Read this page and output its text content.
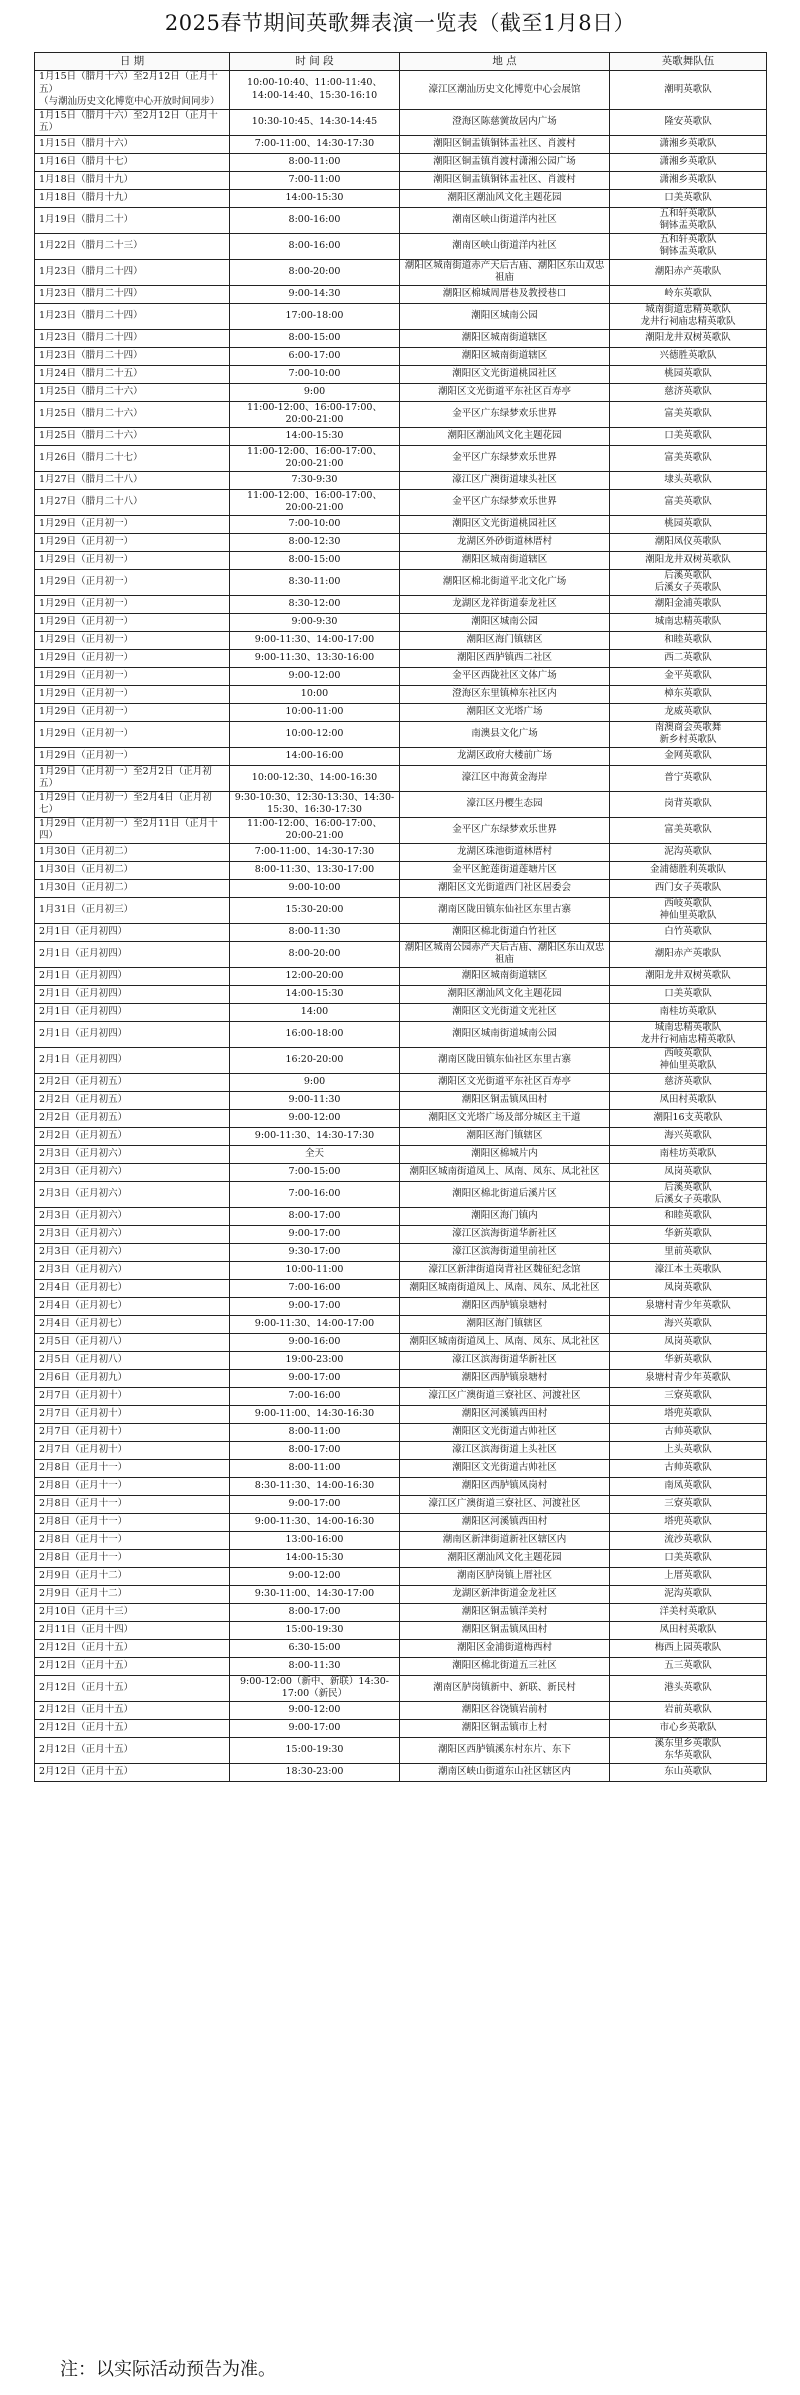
2025春节期间英歌舞表演一览表（截至1月8日）
日 期	时 间 段	地 点	英歌舞队伍
1月15日（腊月十六）至2月12日（正月十五）
（与潮汕历史文化博览中心开放时间同步）	10:00-10:40、11:00-11:40、14:00-14:40、15:30-16:10	濠江区潮汕历史文化博览中心会展馆	潮明英歌队
1月15日（腊月十六）至2月12日（正月十五）	10:30-10:45、14:30-14:45	澄海区陈慈黉故居内广场	隆安英歌队
1月15日（腊月十六）	7:00-11:00、14:30-17:30	潮阳区铜盂镇铜钵盂社区、肖渡村	潇湘乡英歌队
1月16日（腊月十七）	8:00-11:00	潮阳区铜盂镇肖渡村潇湘公园广场	潇湘乡英歌队
1月18日（腊月十九）	7:00-11:00	潮阳区铜盂镇铜钵盂社区、肖渡村	潇湘乡英歌队
1月18日（腊月十九）	14:00-15:30	潮阳区潮汕风文化主题花园	口美英歌队
1月19日（腊月二十）	8:00-16:00	潮南区峡山街道洋内社区	五和轩英歌队
铜钵盂英歌队
1月22日（腊月二十三）	8:00-16:00	潮南区峡山街道洋内社区	五和轩英歌队
铜钵盂英歌队
1月23日（腊月二十四）	8:00-20:00	潮阳区城南街道赤产天后古庙、潮阳区东山双忠祖庙	潮阳赤产英歌队
1月23日（腊月二十四）	9:00-14:30	潮阳区棉城周厝巷及教授巷口	岭东英歌队
1月23日（腊月二十四）	17:00-18:00	潮阳区城南公园	城南街道忠精英歌队
龙井行祠庙忠精英歌队
1月23日（腊月二十四）	8:00-15:00	潮阳区城南街道辖区	潮阳龙井双树英歌队
1月23日（腊月二十四）	6:00-17:00	潮阳区城南街道辖区	兴德胜英歌队
1月24日（腊月二十五）	7:00-10:00	潮阳区文光街道桃园社区	桃园英歌队
1月25日（腊月二十六）	9:00	潮阳区文光街道平东社区百寿亭	慈济英歌队
1月25日（腊月二十六）	11:00-12:00、16:00-17:00、20:00-21:00	金平区广东绿梦欢乐世界	富美英歌队
1月25日（腊月二十六）	14:00-15:30	潮阳区潮汕风文化主题花园	口美英歌队
1月26日（腊月二十七）	11:00-12:00、16:00-17:00、20:00-21:00	金平区广东绿梦欢乐世界	富美英歌队
1月27日（腊月二十八）	7:30-9:30	濠江区广澳街道埭头社区	埭头英歌队
1月27日（腊月二十八）	11:00-12:00、16:00-17:00、20:00-21:00	金平区广东绿梦欢乐世界	富美英歌队
1月29日（正月初一）	7:00-10:00	潮阳区文光街道桃园社区	桃园英歌队
1月29日（正月初一）	8:00-12:30	龙湖区外砂街道林厝村	潮阳凤仪英歌队
1月29日（正月初一）	8:00-15:00	潮阳区城南街道辖区	潮阳龙井双树英歌队
1月29日（正月初一）	8:30-11:00	潮阳区棉北街道平北文化广场	后溪英歌队
后溪女子英歌队
1月29日（正月初一）	8:30-12:00	龙湖区龙祥街道泰龙社区	潮阳金浦英歌队
1月29日（正月初一）	9:00-9:30	潮阳区城南公园	城南忠精英歌队
1月29日（正月初一）	9:00-11:30、14:00-17:00	潮阳区海门镇辖区	和睦英歌队
1月29日（正月初一）	9:00-11:30、13:30-16:00	潮阳区西胪镇西二社区	西二英歌队
1月29日（正月初一）	9:00-12:00	金平区西陇社区文体广场	金平英歌队
1月29日（正月初一）	10:00	澄海区东里镇樟东社区内	樟东英歌队
1月29日（正月初一）	10:00-11:00	潮阳区文光塔广场	龙威英歌队
1月29日（正月初一）	10:00-12:00	南澳县文化广场	南澳商会英歌舞
新乡村英歌队
1月29日（正月初一）	14:00-16:00	龙湖区政府大楼前广场	金网英歌队
1月29日（正月初一）至2月2日（正月初五）	10:00-12:30、14:00-16:30	濠江区中海黄金海岸	普宁英歌队
1月29日（正月初一）至2月4日（正月初七）	9:30-10:30、12:30-13:30、14:30-15:30、16:30-17:30	濠江区丹樱生态园	岗背英歌队
1月29日（正月初一）至2月11日（正月十四）	11:00-12:00、16:00-17:00、20:00-21:00	金平区广东绿梦欢乐世界	富美英歌队
1月30日（正月初二）	7:00-11:00、14:30-17:30	龙湖区珠池街道林厝村	泥沟英歌队
1月30日（正月初二）	8:00-11:30、13:30-17:00	金平区鮀莲街道莲塘片区	金浦德胜利英歌队
1月30日（正月初二）	9:00-10:00	潮阳区文光街道西门社区居委会	西门女子英歌队
1月31日（正月初三）	15:30-20:00	潮南区陇田镇东仙社区东里古寨	西岐英歌队
神仙里英歌队
2月1日（正月初四）	8:00-11:30	潮阳区棉北街道白竹社区	白竹英歌队
2月1日（正月初四）	8:00-20:00	潮阳区城南公园赤产天后古庙、潮阳区东山双忠祖庙	潮阳赤产英歌队
2月1日（正月初四）	12:00-20:00	潮阳区城南街道辖区	潮阳龙井双树英歌队
2月1日（正月初四）	14:00-15:30	潮阳区潮汕风文化主题花园	口美英歌队
2月1日（正月初四）	14:00	潮阳区文光街道文光社区	南桂坊英歌队
2月1日（正月初四）	16:00-18:00	潮阳区城南街道城南公园	城南忠精英歌队
龙井行祠庙忠精英歌队
2月1日（正月初四）	16:20-20:00	潮南区陇田镇东仙社区东里古寨	西岐英歌队
神仙里英歌队
2月2日（正月初五）	9:00	潮阳区文光街道平东社区百寿亭	慈济英歌队
2月2日（正月初五）	9:00-11:30	潮阳区铜盂镇凤田村	凤田村英歌队
2月2日（正月初五）	9:00-12:00	潮阳区文光塔广场及部分城区主干道	潮阳16支英歌队
2月2日（正月初五）	9:00-11:30、14:30-17:30	潮阳区海门镇辖区	海兴英歌队
2月3日（正月初六）	全天	潮阳区棉城片内	南桂坊英歌队
2月3日（正月初六）	7:00-15:00	潮阳区城南街道凤上、凤南、凤东、凤北社区	凤岗英歌队
2月3日（正月初六）	7:00-16:00	潮阳区棉北街道后溪片区	后溪英歌队
后溪女子英歌队
2月3日（正月初六）	8:00-17:00	潮阳区海门镇内	和睦英歌队
2月3日（正月初六）	9:00-17:00	濠江区滨海街道华新社区	华新英歌队
2月3日（正月初六）	9:30-17:00	濠江区滨海街道里前社区	里前英歌队
2月3日（正月初六）	10:00-11:00	濠江区新津街道岗背社区魏征纪念馆	濠江本土英歌队
2月4日（正月初七）	7:00-16:00	潮阳区城南街道凤上、凤南、凤东、凤北社区	凤岗英歌队
2月4日（正月初七）	9:00-17:00	潮阳区西胪镇泉塘村	泉塘村青少年英歌队
2月4日（正月初七）	9:00-11:30、14:00-17:00	潮阳区海门镇辖区	海兴英歌队
2月5日（正月初八）	9:00-16:00	潮阳区城南街道凤上、凤南、凤东、凤北社区	凤岗英歌队
2月5日（正月初八）	19:00-23:00	濠江区滨海街道华新社区	华新英歌队
2月6日（正月初九）	9:00-17:00	潮阳区西胪镇泉塘村	泉塘村青少年英歌队
2月7日（正月初十）	7:00-16:00	濠江区广澳街道三寮社区、河渡社区	三寮英歌队
2月7日（正月初十）	9:00-11:00、14:30-16:30	潮阳区河溪镇西田村	塔兜英歌队
2月7日（正月初十）	8:00-11:00	潮阳区文光街道古帅社区	古帅英歌队
2月7日（正月初十）	8:00-17:00	濠江区滨海街道上头社区	上头英歌队
2月8日（正月十一）	8:00-11:00	潮阳区文光街道古帅社区	古帅英歌队
2月8日（正月十一）	8:30-11:30、14:00-16:30	潮阳区西胪镇凤岗村	南凤英歌队
2月8日（正月十一）	9:00-17:00	濠江区广澳街道三寮社区、河渡社区	三寮英歌队
2月8日（正月十一）	9:00-11:30、14:00-16:30	潮阳区河溪镇西田村	塔兜英歌队
2月8日（正月十一）	13:00-16:00	潮南区新津街道新社区辖区内	流沙英歌队
2月8日（正月十一）	14:00-15:30	潮阳区潮汕风文化主题花园	口美英歌队
2月9日（正月十二）	9:00-12:00	潮南区胪岗镇上厝社区	上厝英歌队
2月9日（正月十二）	9:30-11:00、14:30-17:00	龙湖区新津街道金龙社区	泥沟英歌队
2月10日（正月十三）	8:00-17:00	潮阳区铜盂镇洋美村	洋美村英歌队
2月11日（正月十四）	15:00-19:30	潮阳区铜盂镇凤田村	凤田村英歌队
2月12日（正月十五）	6:30-15:00	潮阳区金浦街道梅西村	梅西上园英歌队
2月12日（正月十五）	8:00-11:30	潮阳区棉北街道五三社区	五三英歌队
2月12日（正月十五）	9:00-12:00（新中、新联）14:30-17:00（新民）	潮南区胪岗镇新中、新联、新民村	港头英歌队
2月12日（正月十五）	9:00-12:00	潮阳区谷饶镇岩前村	岩前英歌队
2月12日（正月十五）	9:00-17:00	潮阳区铜盂镇市上村	市心乡英歌队
2月12日（正月十五）	15:00-19:30	潮阳区西胪镇溪东村东片、东下	溪东里乡英歌队
东华英歌队
2月12日（正月十五）	18:30-23:00	潮南区峡山街道东山社区辖区内	东山英歌队
注：以实际活动预告为准。
